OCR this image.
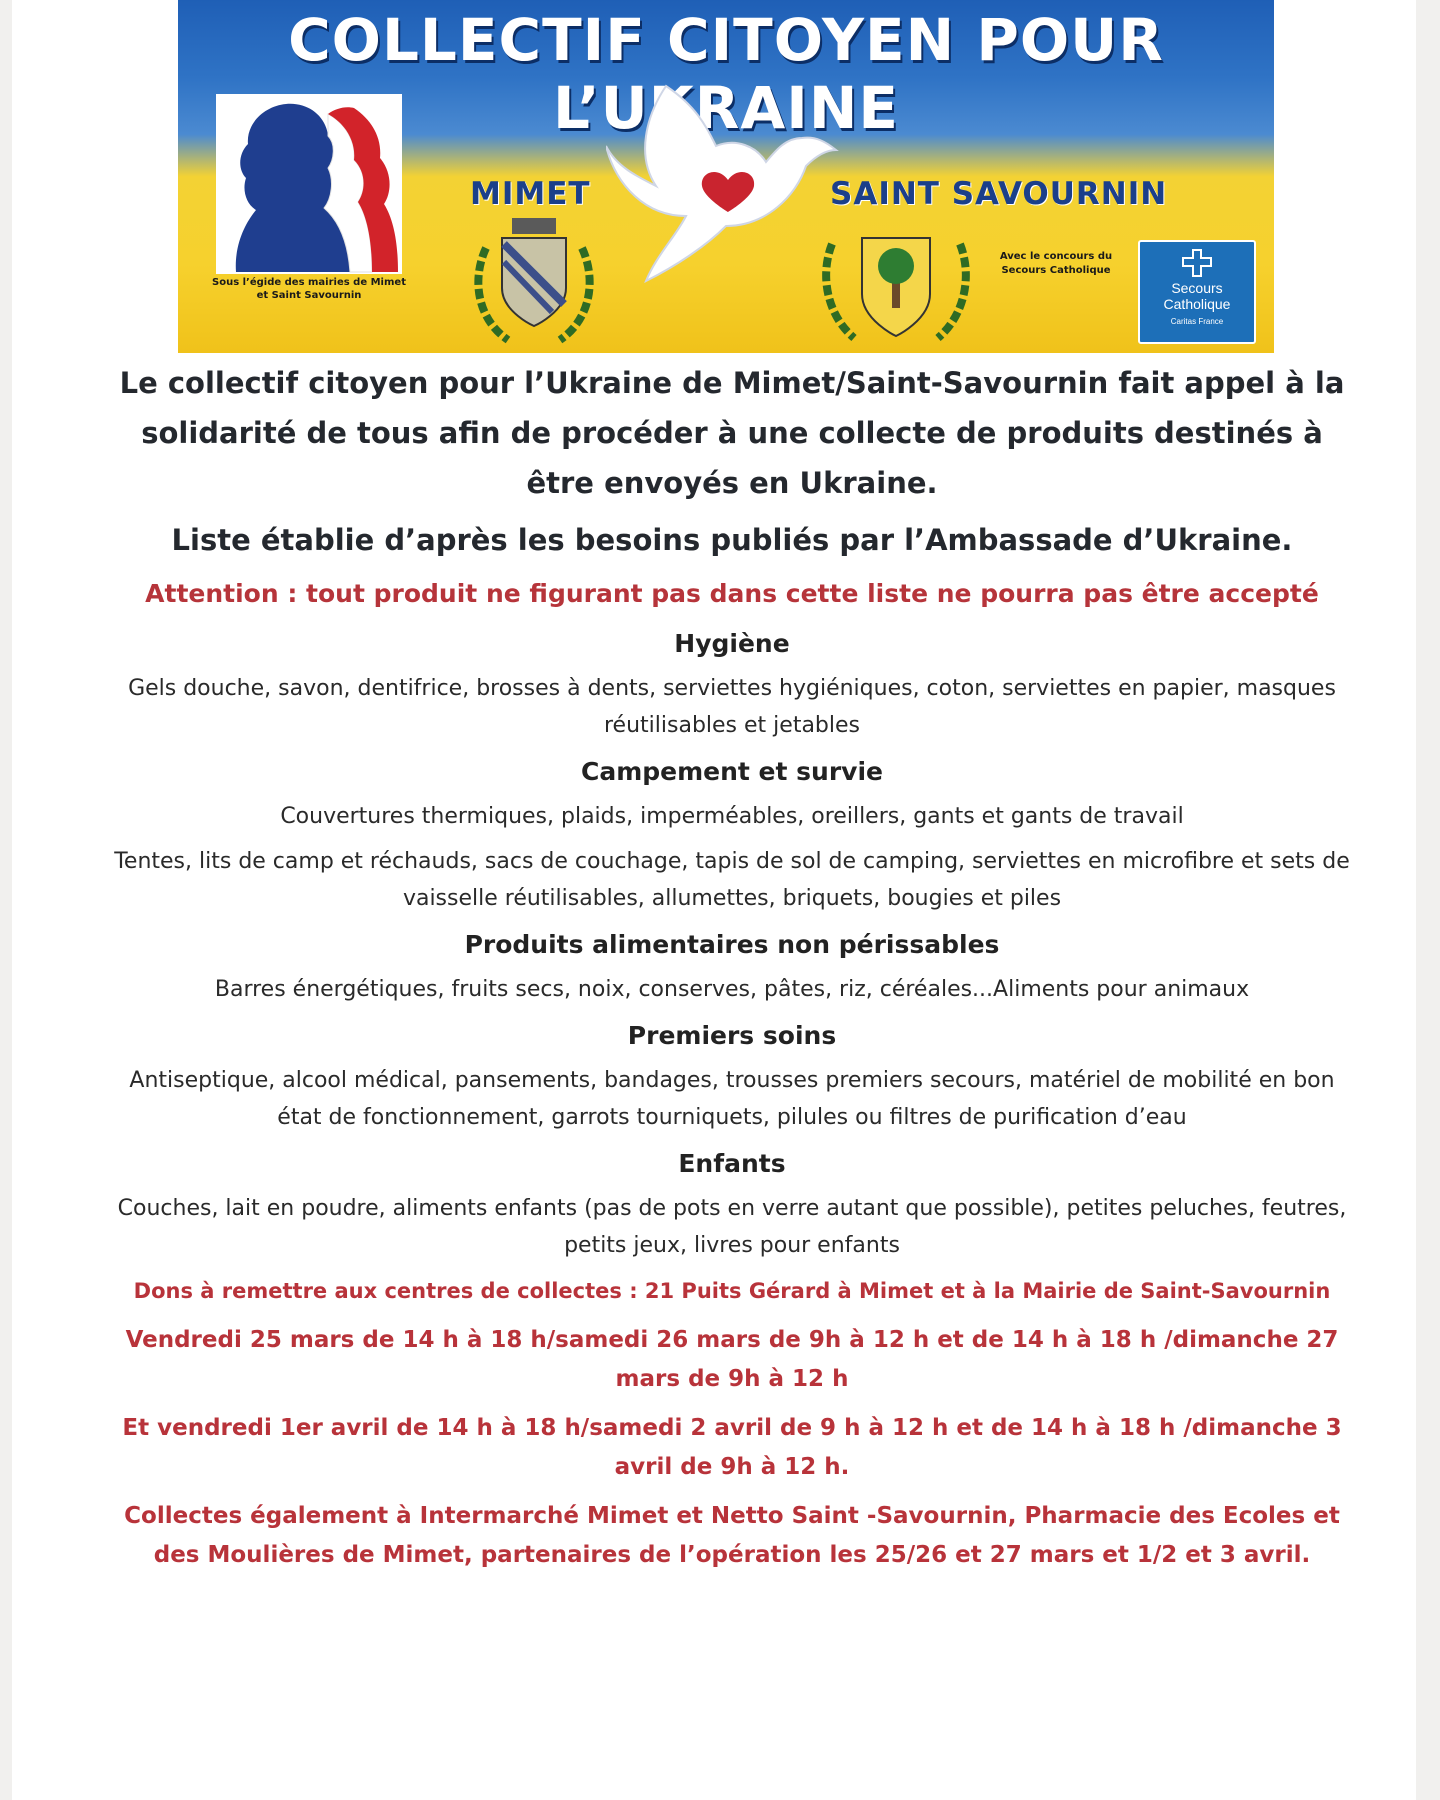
COLLECTIF CITOYEN POUR L’UKRAINE
Sous l’égide des mairies de Mimet et Saint Savournin
MIMET	SAINT SAVOURNIN
Avec le concours du Secours Catholique
Secours
Catholique
Caritas France

Le collectif citoyen pour l’Ukraine de Mimet/Saint-Savournin fait appel à la solidarité de tous afin de procéder à une collecte de produits destinés à être envoyés en Ukraine.

Liste établie d’après les besoins publiés par l’Ambassade d’Ukraine.

Attention : tout produit ne figurant pas dans cette liste ne pourra pas être accepté

Hygiène
Gels douche, savon, dentifrice, brosses à dents, serviettes hygiéniques, coton, serviettes en papier, masques réutilisables et jetables
Campement et survie
Couvertures thermiques, plaids, imperméables, oreillers, gants et gants de travail
Tentes, lits de camp et réchauds, sacs de couchage, tapis de sol de camping, serviettes en microfibre et sets de vaisselle réutilisables, allumettes, briquets, bougies et piles
Produits alimentaires non périssables
Barres énergétiques, fruits secs, noix, conserves, pâtes, riz, céréales...Aliments pour animaux
Premiers soins
Antiseptique, alcool médical, pansements, bandages, trousses premiers secours, matériel de mobilité en bon état de fonctionnement, garrots tourniquets, pilules ou filtres de purification d’eau
Enfants
Couches, lait en poudre, aliments enfants (pas de pots en verre autant que possible), petites peluches, feutres, petits jeux, livres pour enfants

Dons à remettre aux centres de collectes : 21 Puits Gérard à Mimet et à la Mairie de Saint-Savournin

Vendredi 25 mars de 14 h à 18 h/samedi 26 mars de 9h à 12 h et de 14 h à 18 h /dimanche 27 mars de 9h à 12 h

Et vendredi 1er avril de 14 h à 18 h/samedi 2 avril de 9 h à 12 h et de 14 h à 18 h /dimanche 3 avril de 9h à 12 h.

Collectes également à Intermarché Mimet et Netto Saint -Savournin, Pharmacie des Ecoles et des Moulières de Mimet, partenaires de l’opération les 25/26 et 27 mars et 1/2 et 3 avril.
